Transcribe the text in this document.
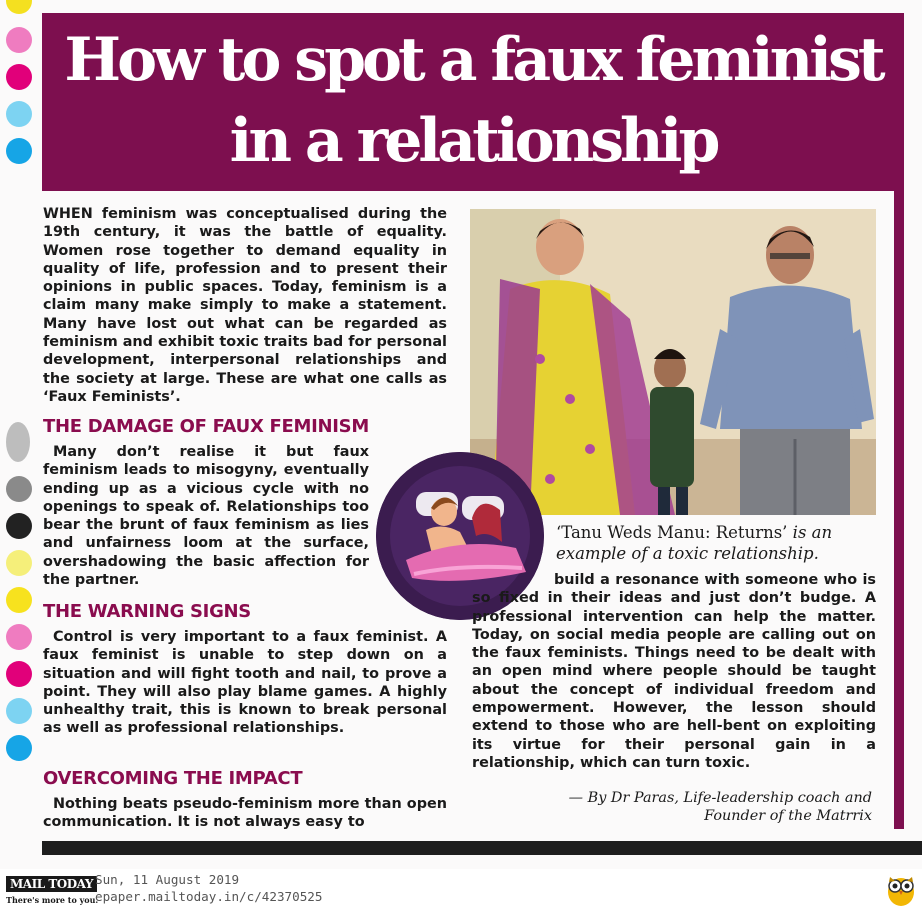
How to spot a faux feminist
in a relationship

WHEN feminism was conceptualised during the 19th century, it was the battle of equality. Women rose together to demand equality in quality of life, profession and to present their opinions in public spaces. Today, feminism is a claim many make simply to make a statement. Many have lost out what can be regarded as feminism and exhibit toxic traits bad for personal development, interpersonal relationships and the society at large. These are what one calls as ‘Faux Feminists’.

THE DAMAGE OF FAUX FEMINISM

Many don’t realise it but faux feminism leads to misogyny, eventually ending up as a vicious cycle with no openings to speak of. Relationships too bear the brunt of faux feminism as lies and unfairness loom at the surface, overshadowing the basic affection for the partner.

THE WARNING SIGNS

Control is very important to a faux feminist. A faux feminist is unable to step down on a situation and will fight tooth and nail, to prove a point. They will also play blame games. A highly unhealthy trait, this is known to break personal as well as professional relationships.

OVERCOMING THE IMPACT

Nothing beats pseudo-feminism more than open communication. It is not always easy to

‘Tanu Weds Manu: Returns’ is an example of a toxic relationship.

build a resonance with someone who is so fixed in their ideas and just don’t budge. A professional intervention can help the matter. Today, on social media people are calling out on the faux feminists. Things need to be dealt with an open mind where people should be taught about the concept of individual freedom and empowerment. However, the lesson should extend to those who are hell-bent on exploiting its virtue for their personal gain in a relationship, which can turn toxic.

— By Dr Paras, Life-leadership coach and

Founder of the Matrrix

MAIL TODAY
There's more to you.
Sun, 11 August 2019
epaper.mailtoday.in/c/42370525
